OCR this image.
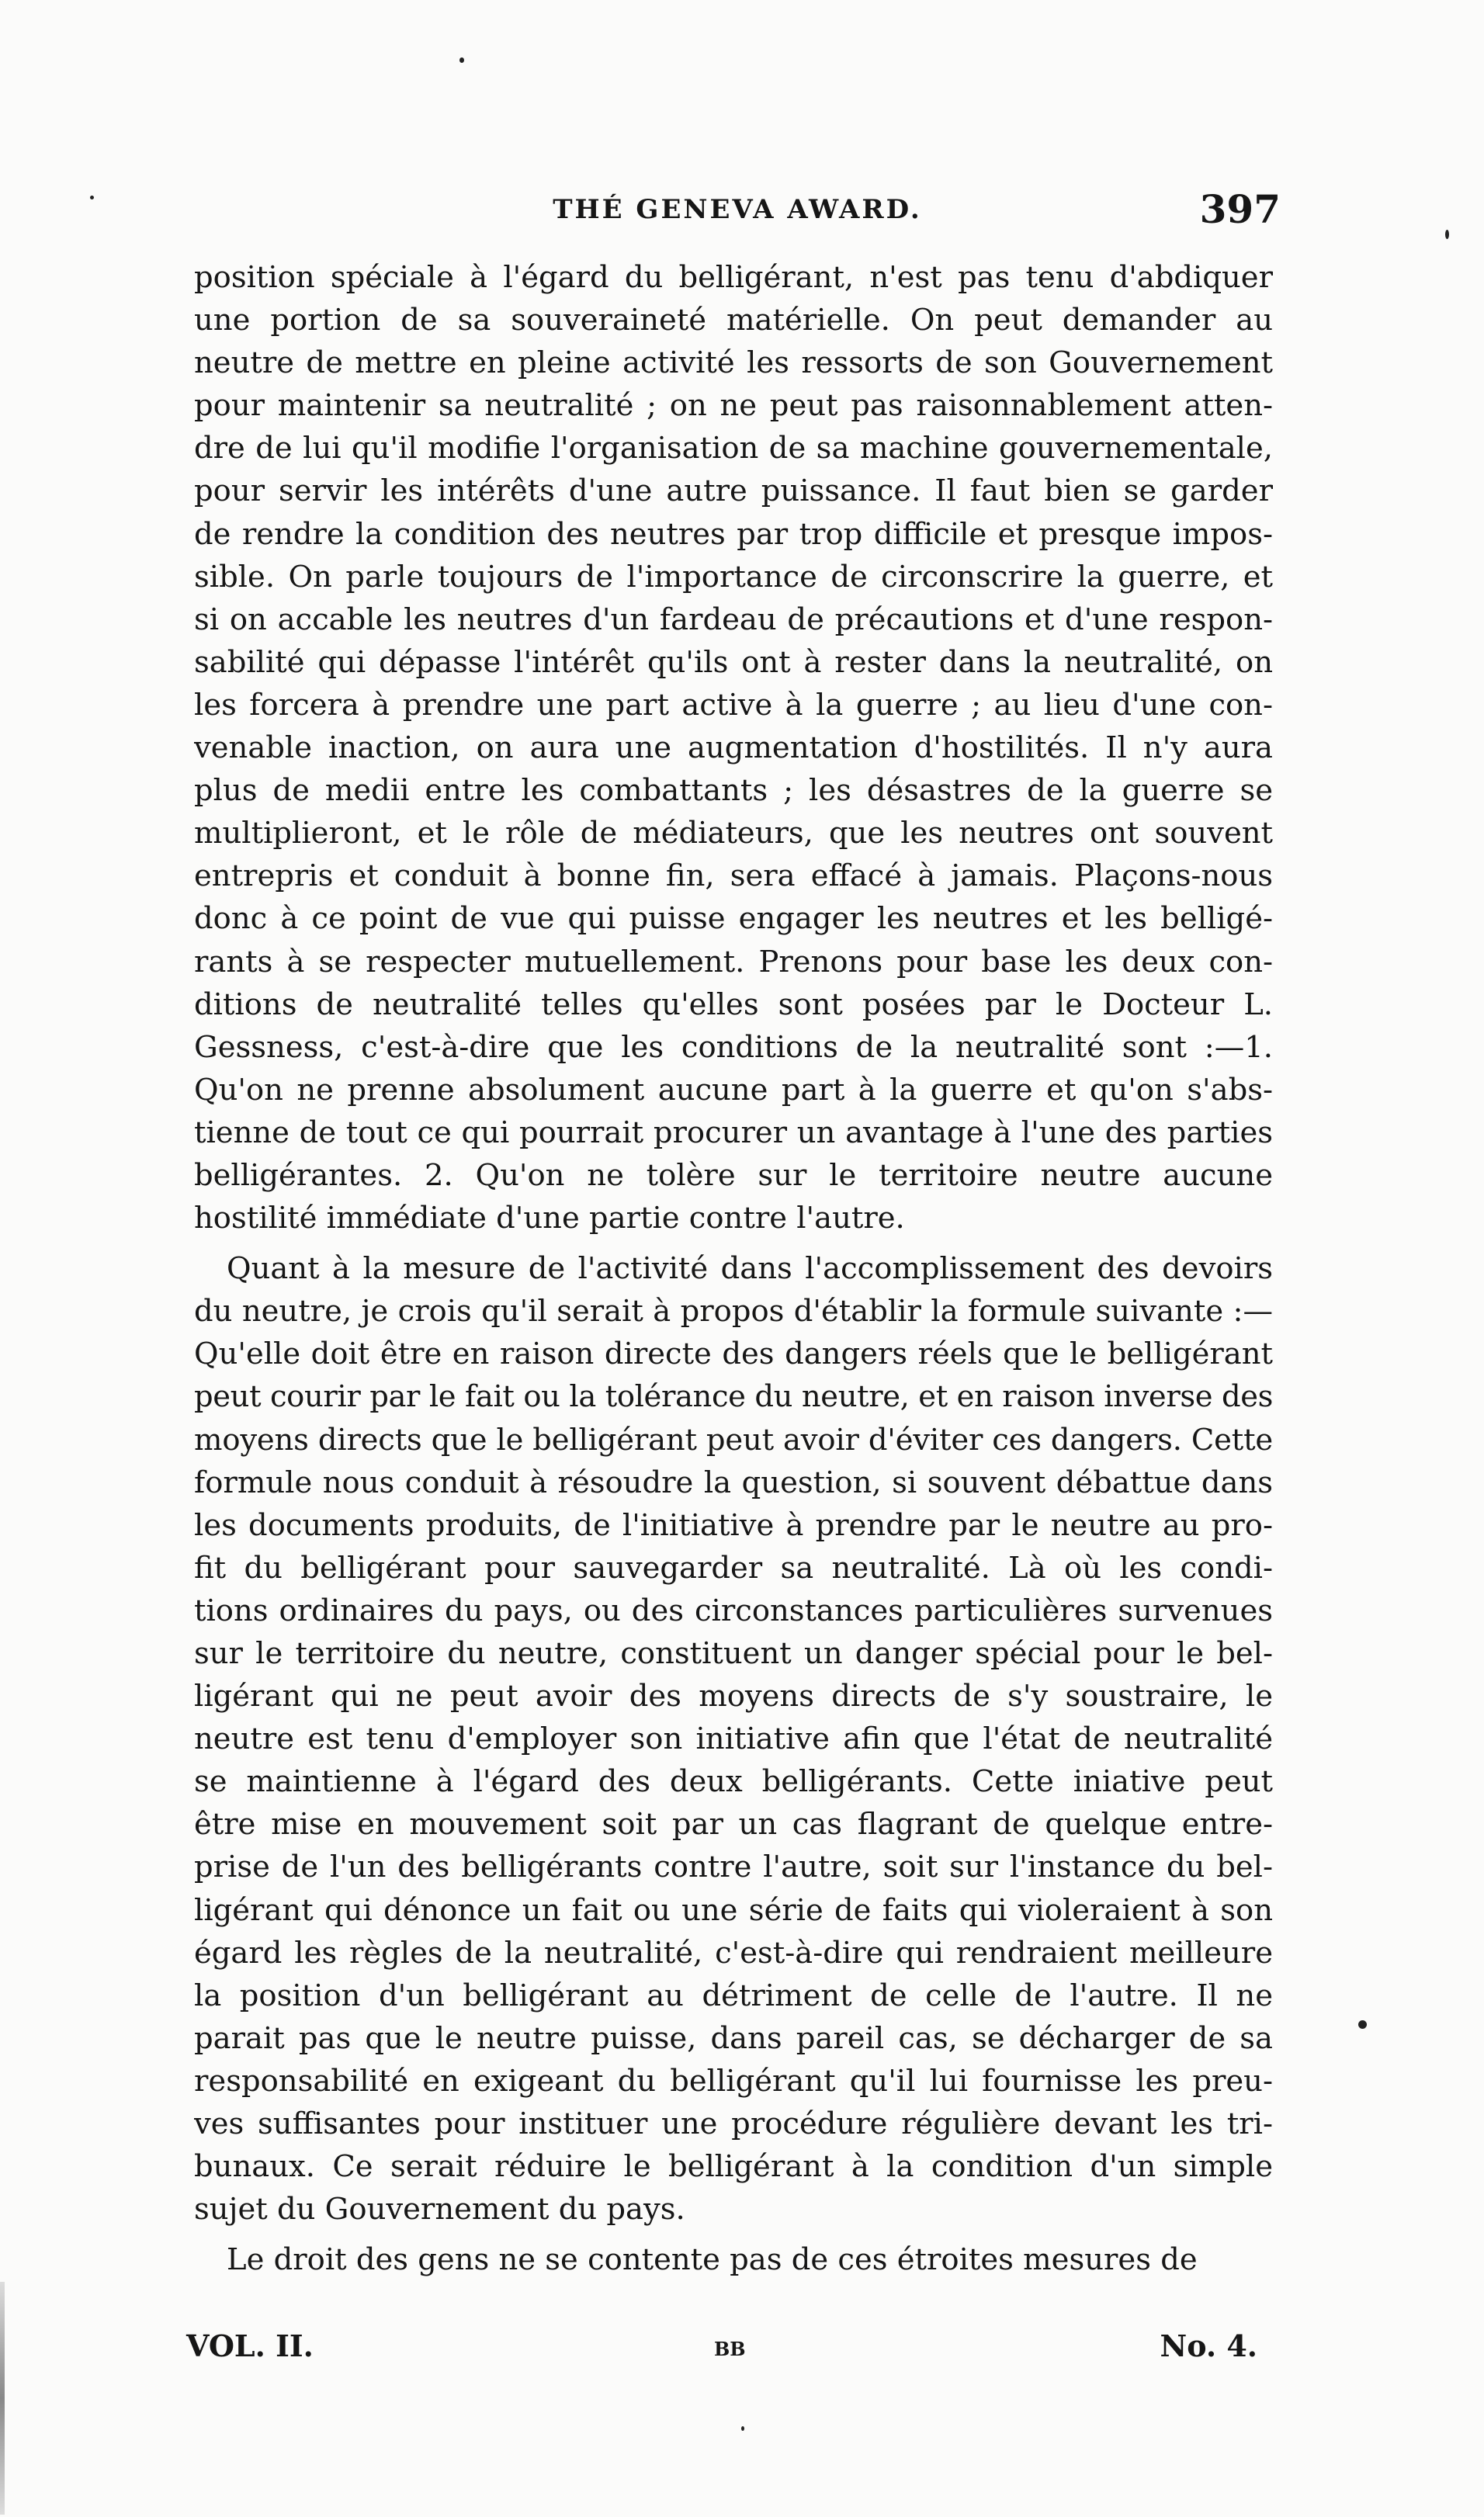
THÉ GENEVA AWARD.	397
position spéciale à l'égard du belligérant, n'est pas tenu d'abdiquer
une portion de sa souveraineté matérielle. On peut demander au
neutre de mettre en pleine activité les ressorts de son Gouvernement
pour maintenir sa neutralité ; on ne peut pas raisonnablement atten-
dre de lui qu'il modifie l'organisation de sa machine gouvernementale,
pour servir les intérêts d'une autre puissance. Il faut bien se garder
de rendre la condition des neutres par trop difficile et presque impos-
sible. On parle toujours de l'importance de circonscrire la guerre, et
si on accable les neutres d'un fardeau de précautions et d'une respon-
sabilité qui dépasse l'intérêt qu'ils ont à rester dans la neutralité, on
les forcera à prendre une part active à la guerre ; au lieu d'une con-
venable inaction, on aura une augmentation d'hostilités. Il n'y aura
plus de medii entre les combattants ; les désastres de la guerre se
multiplieront, et le rôle de médiateurs, que les neutres ont souvent
entrepris et conduit à bonne fin, sera effacé à jamais. Plaçons-nous
donc à ce point de vue qui puisse engager les neutres et les belligé-
rants à se respecter mutuellement. Prenons pour base les deux con-
ditions de neutralité telles qu'elles sont posées par le Docteur L.
Gessness, c'est-à-dire que les conditions de la neutralité sont :—1.
Qu'on ne prenne absolument aucune part à la guerre et qu'on s'abs-
tienne de tout ce qui pourrait procurer un avantage à l'une des parties
belligérantes. 2. Qu'on ne tolère sur le territoire neutre aucune
hostilité immédiate d'une partie contre l'autre.
Quant à la mesure de l'activité dans l'accomplissement des devoirs
du neutre, je crois qu'il serait à propos d'établir la formule suivante :—
Qu'elle doit être en raison directe des dangers réels que le belligérant
peut courir par le fait ou la tolérance du neutre, et en raison inverse des
moyens directs que le belligérant peut avoir d'éviter ces dangers. Cette
formule nous conduit à résoudre la question, si souvent débattue dans
les documents produits, de l'initiative à prendre par le neutre au pro-
fit du belligérant pour sauvegarder sa neutralité. Là où les condi-
tions ordinaires du pays, ou des circonstances particulières survenues
sur le territoire du neutre, constituent un danger spécial pour le bel-
ligérant qui ne peut avoir des moyens directs de s'y soustraire, le
neutre est tenu d'employer son initiative afin que l'état de neutralité
se maintienne à l'égard des deux belligérants. Cette iniative peut
être mise en mouvement soit par un cas flagrant de quelque entre-
prise de l'un des belligérants contre l'autre, soit sur l'instance du bel-
ligérant qui dénonce un fait ou une série de faits qui violeraient à son
égard les règles de la neutralité, c'est-à-dire qui rendraient meilleure
la position d'un belligérant au détriment de celle de l'autre. Il ne
parait pas que le neutre puisse, dans pareil cas, se décharger de sa
responsabilité en exigeant du belligérant qu'il lui fournisse les preu-
ves suffisantes pour instituer une procédure régulière devant les tri-
bunaux. Ce serait réduire le belligérant à la condition d'un simple
sujet du Gouvernement du pays.
Le droit des gens ne se contente pas de ces étroites mesures de
VOL. II.	BB	No. 4.
